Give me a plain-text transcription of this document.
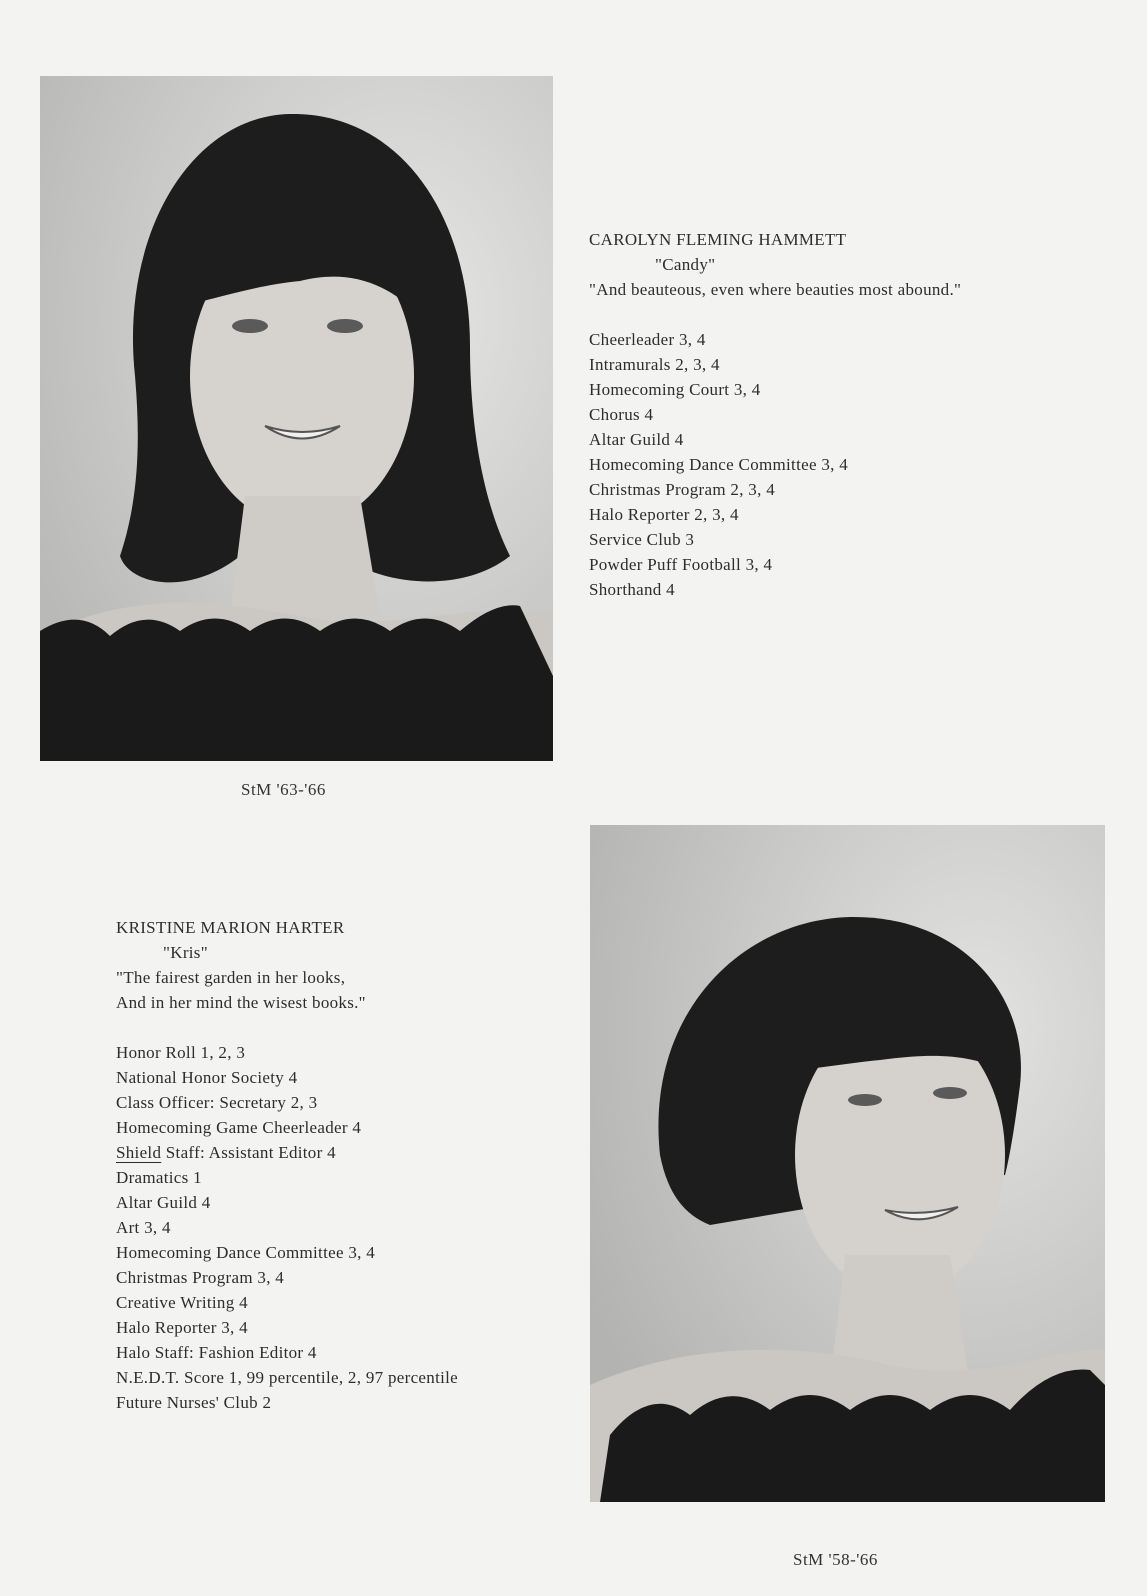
CAROLYN FLEMING HAMMETT
"Candy"
"And beauteous, even where beauties most abound."
Cheerleader 3, 4
Intramurals 2, 3, 4
Homecoming Court 3, 4
Chorus 4
Altar Guild 4
Homecoming Dance Committee 3, 4
Christmas Program 2, 3, 4
Halo Reporter 2, 3, 4
Service Club 3
Powder Puff Football 3, 4
Shorthand 4
StM '63-'66
KRISTINE MARION HARTER
"Kris"
"The fairest garden in her looks,
And in her mind the wisest books."
Honor Roll 1, 2, 3
National Honor Society 4
Class Officer: Secretary 2, 3
Homecoming Game Cheerleader 4
Shield Staff: Assistant Editor 4
Dramatics 1
Altar Guild 4
Art 3, 4
Homecoming Dance Committee 3, 4
Christmas Program 3, 4
Creative Writing 4
Halo Reporter 3, 4
Halo Staff: Fashion Editor 4
N.E.D.T. Score 1, 99 percentile, 2, 97 percentile
Future Nurses' Club 2
StM '58-'66
